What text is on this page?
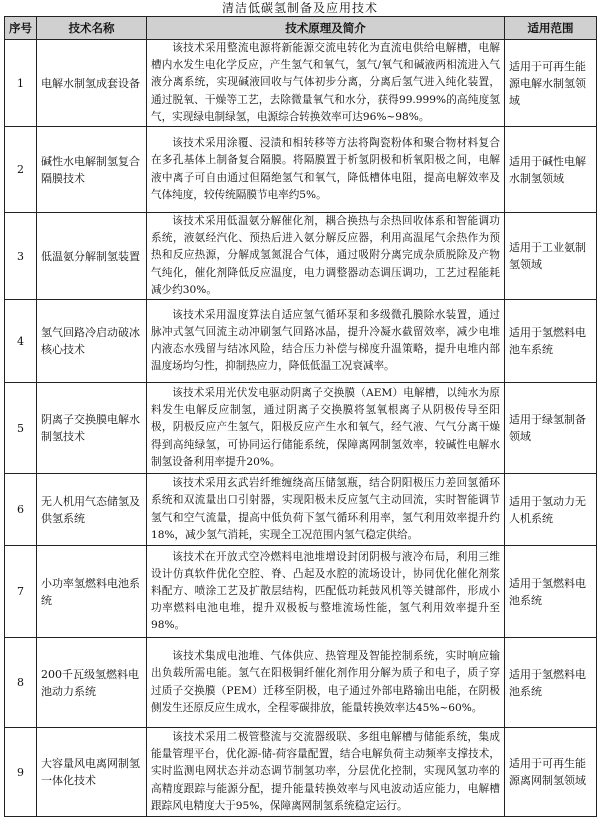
清洁低碳氢制备及应用技术
序号	技术名称	技术原理及简介	适用范围
1	电解水制氢成套设备	该技术采用整流电源将新能源交流电转化为直流电供给电解槽，电解槽内水发生电化学反应，产生氢气和氧气，氢气/氧气和碱液两相流进入气液分离系统，实现碱液回收与气体初步分离，分离后氢气进入纯化装置，通过脱氧、干燥等工艺，去除微量氧气和水分，获得99.999%的高纯度氢气，实现绿电制绿氢，电源综合转换效率可达96%~98%。	适用于可再生能源电解水制氢领域
2	碱性水电解制氢复合隔膜技术	该技术采用涂覆、浸渍和相转移等方法将陶瓷粉体和聚合物材料复合在多孔基体上制备复合隔膜。将隔膜置于析氢阴极和析氧阳极之间，电解液中离子可自由通过但隔绝氢气和氧气，降低槽体电阻，提高电解效率及气体纯度，较传统隔膜节电率约5%。	适用于碱性电解水制氢领域
3	低温氨分解制氢装置	该技术采用低温氨分解催化剂，耦合换热与余热回收体系和智能调功系统，液氨经汽化、预热后进入氨分解反应器，利用高温尾气余热作为预热和反应热源，分解成氢氮混合气体，通过吸附分离完成杂质脱除及产物气纯化，催化剂降低反应温度，电力调整器动态调压调功，工艺过程能耗减少约30%。	适用于工业氨制氢领域
4	氢气回路冷启动破冰核心技术	该技术采用温度算法自适应氢气循环泵和多级微孔膜除水装置，通过脉冲式氢气回流主动冲刷氢气回路冰晶，提升冷凝水截留效率，减少电堆内液态水残留与结冰风险，结合压力补偿与梯度升温策略，提升电堆内部温度场均匀性，抑制热应力，降低低温工况衰减率。	适用于氢燃料电池车系统
5	阴离子交换膜电解水制氢技术	该技术采用光伏发电驱动阴离子交换膜（AEM）电解槽，以纯水为原料发生电解反应制氢，通过阴离子交换膜将氢氧根离子从阴极传导至阳极，阴极反应产生氢气，阳极反应产生水和氧气，经气液、气气分离干燥得到高纯绿氢，可协同运行储能系统，保障离网制氢效率，较碱性电解水制氢设备利用率提升20%。	适用于绿氢制备领域
6	无人机用气态储氢及供氢系统	该技术采用玄武岩纤维缠绕高压储氢瓶，结合阴阳极压力差回氢循环系统和双流量出口引射器，实现阳极未反应氢气主动回流，实时智能调节氢气和空气流量，提高中低负荷下氢气循环利用率，氢气利用效率提升约18%，减少氢气消耗，实现全工况范围内氢气稳定供给。	适用于氢动力无人机系统
7	小功率氢燃料电池系统	该技术在开放式空冷燃料电池堆增设封闭阴极与液冷布局，利用三维设计仿真软件优化空腔、脊、凸起及水腔的流场设计，协同优化催化剂浆料配方、喷涂工艺及扩散层结构，匹配低功耗鼓风机等关键部件，形成小功率燃料电池电堆，提升双极板与整堆流场性能，氢气利用效率提升至98%。	适用于氢燃料电池系统
8	200千瓦级氢燃料电池动力系统	该技术集成电池堆、气体供应、热管理及智能控制系统，实时响应输出负载所需电能。氢气在阳极铜纤催化剂作用分解为质子和电子，质子穿过质子交换膜（PEM）迁移至阴极，电子通过外部电路输出电能，在阴极侧发生还原反应生成水，全程零碳排放，能量转换效率达45%~60%。	适用于氢燃料电池系统
9	大容量风电离网制氢一体化技术	该技术采用二极管整流与交流器级联、多组电解槽与储能系统，集成能量管理平台，优化源-储-荷容量配置，结合电解负荷主动频率支撑技术，实时监测电网状态并动态调节制氢功率，分层优化控制，实现风氢功率的高精度跟踪与能源分配，提升能量转换效率与风电波动适应能力，电解槽跟踪风电精度大于95%，保障离网制氢系统稳定运行。	适用于可再生能源离网制氢领域
